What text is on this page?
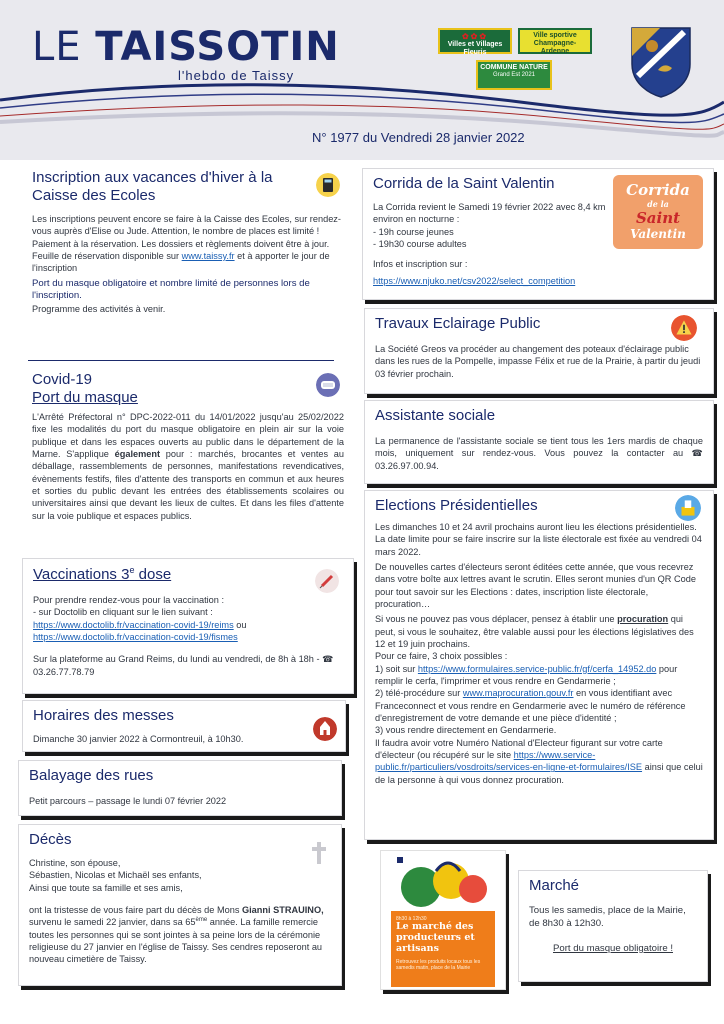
LE TAISSOTIN
l'hebdo de Taissy
N° 1977 du Vendredi 28 janvier 2022
✿✿✿
Villes et Villages Fleuris
Ville sportive Champagne-Ardenne
COMMUNE NATURE
Grand Est 2021
Inscription aux vacances d'hiver à la Caisse des Ecoles

Les inscriptions peuvent encore se faire à la Caisse des Ecoles, sur rendez-vous auprès d'Elise ou Jude. Attention, le nombre de places est limité !

Paiement à la réservation. Les dossiers et règlements doivent être à jour. Feuille de réservation disponible sur www.taissy.fr et à apporter le jour de l'inscription

Port du masque obligatoire et nombre limité de personnes lors de l'inscription.

Programme des activités à venir.

Covid-19
Port du masque

L'Arrêté Préfectoral n° DPC-2022-011 du 14/01/2022 jusqu'au 25/02/2022 fixe les modalités du port du masque obligatoire en plein air sur la voie publique et dans les espaces ouverts au public dans le département de la Marne. S'applique également pour : marchés, brocantes et ventes au déballage, rassemblements de personnes, manifestations revendicatives, évènements festifs, files d'attente des transports en commun et aux heures et sorties du public devant les entrées des établissements scolaires ou universitaires ainsi que devant les lieux de cultes. Et dans les files d'attente sur la voie publique et espaces publics.

Vaccinations 3e dose

Pour prendre rendez-vous pour la vaccination :

- sur Doctolib en cliquant sur le lien suivant :

https://www.doctolib.fr/vaccination-covid-19/reims ou
https://www.doctolib.fr/vaccination-covid-19/fismes

Sur la plateforme au Grand Reims, du lundi au vendredi, de 8h à 18h - ☎ 03.26.77.78.79

Horaires des messes

Dimanche 30 janvier 2022 à Cormontreuil, à 10h30.

Balayage des rues

Petit parcours – passage le lundi 07 février 2022

Décès

Christine, son épouse,

Sébastien, Nicolas et Michaël ses enfants,

Ainsi que toute sa famille et ses amis,

ont la tristesse de vous faire part du décès de Mons Gianni STRAUINO, survenu le samedi 22 janvier, dans sa 65ème année. La famille remercie toutes les personnes qui se sont jointes à sa peine lors de la cérémonie religieuse du 27 janvier en l'église de Taissy. Ses cendres reposeront au nouveau cimetière de Taissy.

Corrida de la Saint Valentin

La Corrida revient le Samedi 19 février 2022 avec 8,4 km environ en nocturne :

- 19h course jeunes

- 19h30 course adultes

Infos et inscription sur :

https://www.njuko.net/csv2022/select_competition
Corrida
de la
Saint
Valentin
Travaux Eclairage Public

La Société Greos va procéder au changement des poteaux d'éclairage public dans les rues de la Pompelle, impasse Félix et rue de la Prairie, à partir du jeudi 03 février prochain.

Assistante sociale

La permanence de l'assistante sociale se tient tous les 1ers mardis de chaque mois, uniquement sur rendez-vous. Vous pouvez la contacter au ☎ 03.26.97.00.94.

Elections Présidentielles

Les dimanches 10 et 24 avril prochains auront lieu les élections présidentielles. La date limite pour se faire inscrire sur la liste électorale est fixée au vendredi 04 mars 2022.

De nouvelles cartes d'électeurs seront éditées cette année, que vous recevrez dans votre boîte aux lettres avant le scrutin. Elles seront munies d'un QR Code pour tout savoir sur les Elections : dates, inscription liste électorale, procuration…

Si vous ne pouvez pas vous déplacer, pensez à établir une procuration qui peut, si vous le souhaitez, être valable aussi pour les élections législatives des 12 et 19 juin prochains.

Pour ce faire, 3 choix possibles :

1) soit sur https://www.formulaires.service-public.fr/gf/cerfa_14952.do pour remplir le cerfa, l'imprimer et vous rendre en Gendarmerie ;

2) télé-procédure sur www.maprocuration.gouv.fr en vous identifiant avec Franceconnect et vous rendre en Gendarmerie avec le numéro de référence d'enregistrement de votre demande et une pièce d'identité ;

3) vous rendre directement en Gendarmerie.

Il faudra avoir votre Numéro National d'Electeur figurant sur votre carte d'électeur (ou récupéré sur le site https://www.service-public.fr/particuliers/vosdroits/services-en-ligne-et-formulaires/ISE ainsi que celui de la personne à qui vous donnez procuration.

8h30 à 12h30
Le marché des producteurs et artisans
Retrouvez les produits locaux tous les samedis matin, place de la Mairie
Marché

Tous les samedis, place de la Mairie, de 8h30 à 12h30.

Port du masque obligatoire !
